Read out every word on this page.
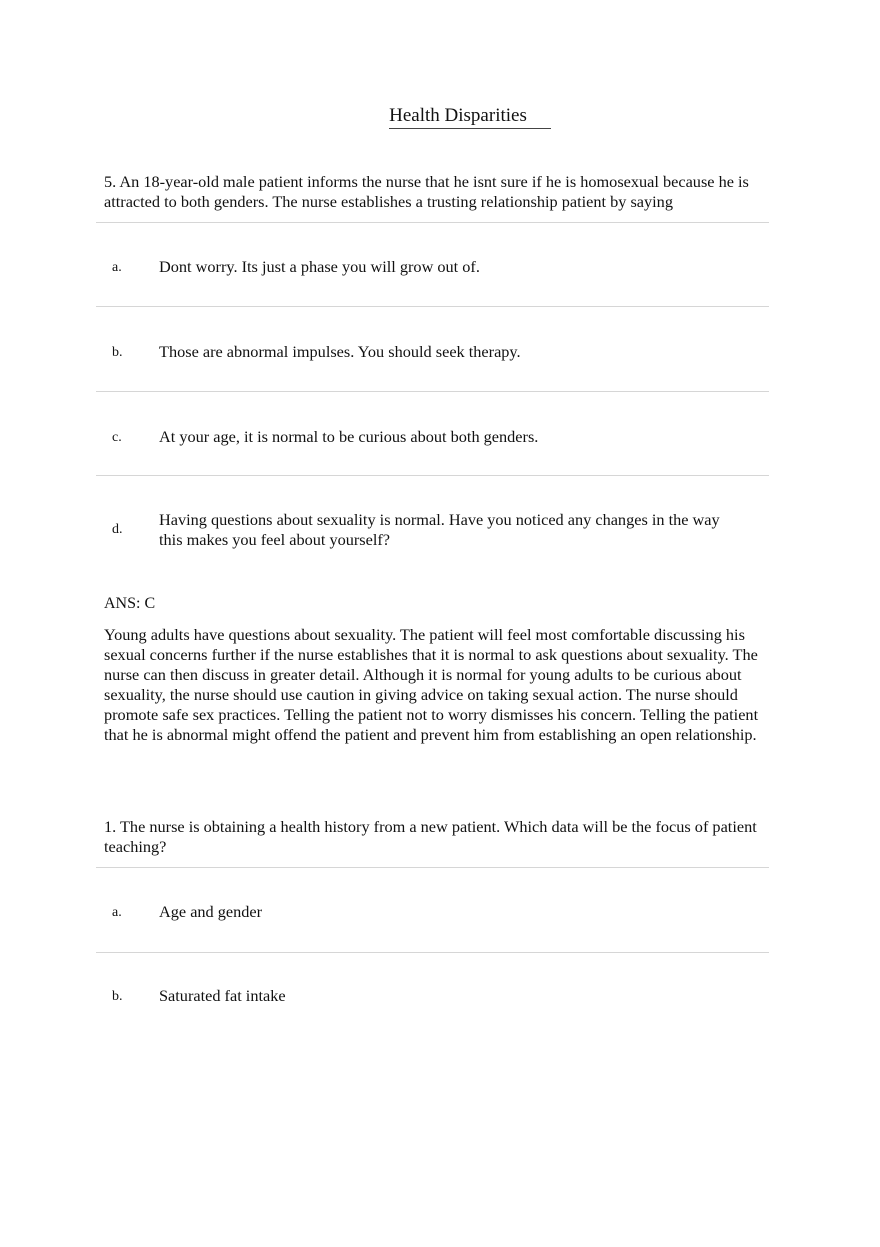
Health Disparities

5. An 18-year-old male patient informs the nurse that he isnt sure if he is homosexual because he is attracted to both genders. The nurse establishes a trusting relationship patient by saying

a. Dont worry. Its just a phase you will grow out of.
b. Those are abnormal impulses. You should seek therapy.
c. At your age, it is normal to be curious about both genders.
d.
Having questions about sexuality is normal. Have you noticed any changes in the way this makes you feel about yourself?
ANS: C

Young adults have questions about sexuality. The patient will feel most comfortable discussing his sexual concerns further if the nurse establishes that it is normal to ask questions about sexuality. The nurse can then discuss in greater detail. Although it is normal for young adults to be curious about sexuality, the nurse should use caution in giving advice on taking sexual action. The nurse should promote safe sex practices. Telling the patient not to worry dismisses his concern. Telling the patient that he is abnormal might offend the patient and prevent him from establishing an open relationship.

1. The nurse is obtaining a health history from a new patient. Which data will be the focus of patient teaching?

a. Age and gender
b. Saturated fat intake
